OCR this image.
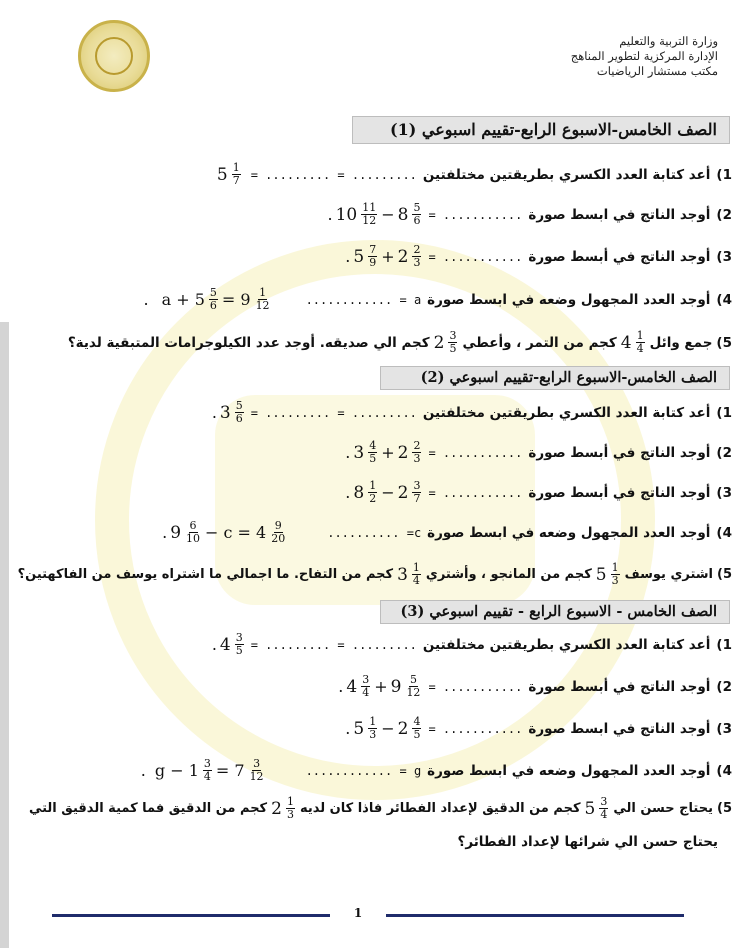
وزارة التربية والتعليم
الإدارة المركزية لتطوير المناهج
مكتب مستشار الرياضيات
الصف الخامس-الاسبوع الرابع-تقييم اسبوعي (1)
1)
أعد كتابة العدد الكسري بطريقتين مختلفتين
......... = ......... =
$5 \frac{1}{7}$
2)
أوجد الناتج في ابسط صورة
........... =
. $10 \frac{11}{12} - 8 \frac{5}{6}$
3)
أوجد الناتج في أبسط صورة
........... =
. $5 \frac{7}{9} + 2 \frac{2}{3}$
4)
أوجد العدد المجهول وضعه في ابسط صورة
a = ............
. $a + 5 \frac{5}{6} = 9 \frac{1}{12}$
5)
جمع وائل
$4 \frac{1}{4}$
كجم من التمر ، وأعطي
$2 \frac{3}{5}$
كجم الي صديقه. أوجد عدد الكيلوجرامات المتبقية لدية؟
الصف الخامس-الاسبوع الرابع-تقييم اسبوعي (2)
1)
أعد كتابة العدد الكسري بطريقتين مختلفتين
......... = ......... =
. $3 \frac{5}{6}$
2)
أوجد الناتج في أبسط صورة
........... =
. $3 \frac{4}{5} + 2 \frac{2}{3}$
3)
أوجد الناتج في أبسط صورة
........... =
. $8 \frac{1}{2} - 2 \frac{3}{7}$
4)
أوجد العدد المجهول وضعه في ابسط صورة
c= ..........
. $9 \frac{6}{10} - c = 4 \frac{9}{20}$
5)
اشتري يوسف
$5 \frac{1}{3}$
كجم من المانجو ، وأشتري
$3 \frac{1}{4}$
كجم من التفاح. ما اجمالي ما اشتراه يوسف من الفاكهتين؟
الصف الخامس - الاسبوع الرابع - تقييم اسبوعي (3)
1)
أعد كتابة العدد الكسري بطريقتين مختلفتين
......... = ......... =
. $4 \frac{3}{5}$
2)
أوجد الناتج في أبسط صورة
........... =
. $4 \frac{3}{4} + 9 \frac{5}{12}$
3)
أوجد الناتج في ابسط صورة
........... =
. $5 \frac{1}{3} - 2 \frac{4}{5}$
4)
أوجد العدد المجهول وضعه في ابسط صورة
g = ............
. $g - 1 \frac{3}{4} = 7 \frac{3}{12}$
5)
يحتاج حسن الي
$5 \frac{3}{4}$
كجم من الدقيق لإعداد الفطائر فاذا كان لديه
$2 \frac{1}{3}$
كجم من الدقيق فما كمية الدقيق التي
يحتاج حسن الي شرائها لإعداد الفطائر؟
1
